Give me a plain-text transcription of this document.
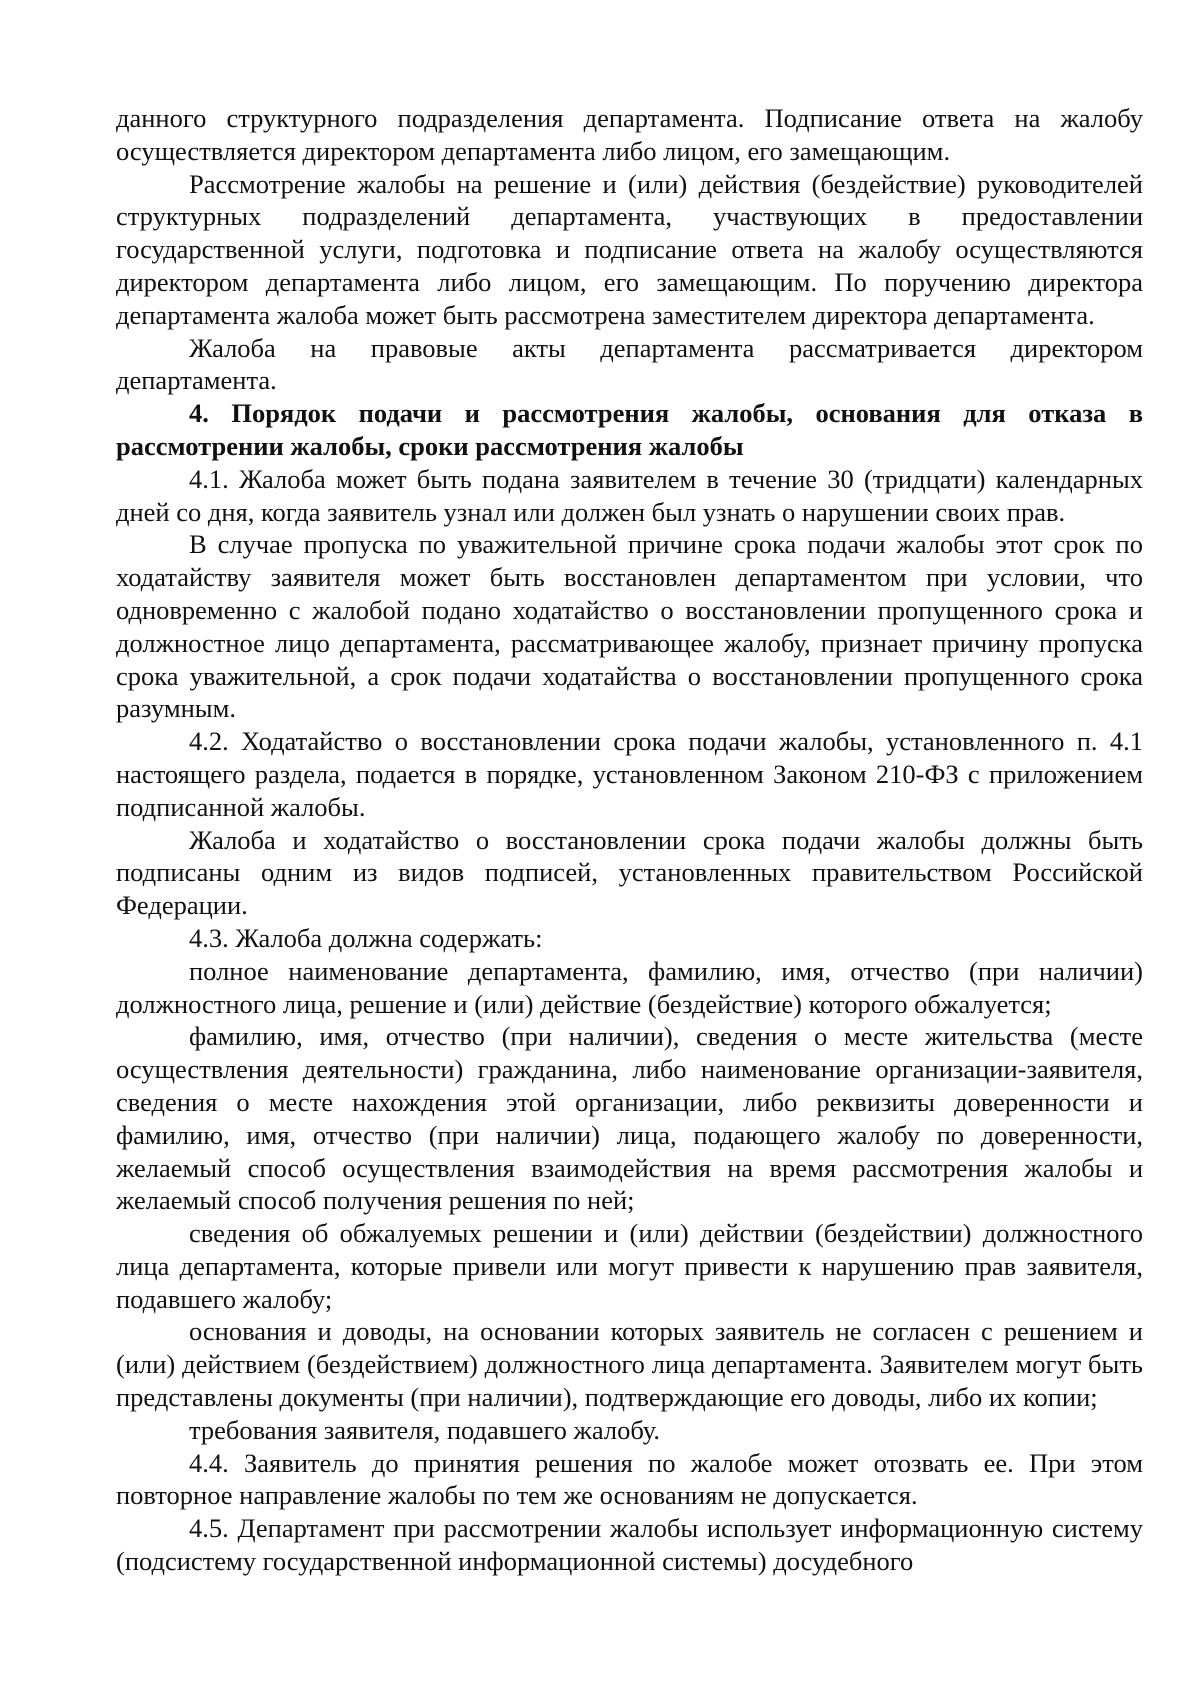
данного структурного подразделения департамента. Подписание ответа на жалобу осуществляется директором департамента либо лицом, его замещающим.

Рассмотрение жалобы на решение и (или) действия (бездействие) руководителей структурных подразделений департамента, участвующих в предоставлении государственной услуги, подготовка и подписание ответа на жалобу осуществляются директором департамента либо лицом, его замещающим. По поручению директора департамента жалоба может быть рассмотрена заместителем директора департамента.

Жалоба на правовые акты департамента рассматривается директором департамента.

4. Порядок подачи и рассмотрения жалобы, основания для отказа в рассмотрении жалобы, сроки рассмотрения жалобы

4.1. Жалоба может быть подана заявителем в течение 30 (тридцати) календарных дней со дня, когда заявитель узнал или должен был узнать о нарушении своих прав.

В случае пропуска по уважительной причине срока подачи жалобы этот срок по ходатайству заявителя может быть восстановлен департаментом при условии, что одновременно с жалобой подано ходатайство о восстановлении пропущенного срока и должностное лицо департамента, рассматривающее жалобу, признает причину пропуска срока уважительной, а срок подачи ходатайства о восстановлении пропущенного срока разумным.

4.2. Ходатайство о восстановлении срока подачи жалобы, установленного п. 4.1 настоящего раздела, подается в порядке, установленном Законом 210-ФЗ с приложением подписанной жалобы.

Жалоба и ходатайство о восстановлении срока подачи жалобы должны быть подписаны одним из видов подписей, установленных правительством Российской Федерации.

4.3. Жалоба должна содержать:

полное наименование департамента, фамилию, имя, отчество (при наличии) должностного лица, решение и (или) действие (бездействие) которого обжалуется;

фамилию, имя, отчество (при наличии), сведения о месте жительства (месте осуществления деятельности) гражданина, либо наименование организации-заявителя, сведения о месте нахождения этой организации, либо реквизиты доверенности и фамилию, имя, отчество (при наличии) лица, подающего жалобу по доверенности, желаемый способ осуществления взаимодействия на время рассмотрения жалобы и желаемый способ получения решения по ней;

сведения об обжалуемых решении и (или) действии (бездействии) должностного лица департамента, которые привели или могут привести к нарушению прав заявителя, подавшего жалобу;

основания и доводы, на основании которых заявитель не согласен с решением и (или) действием (бездействием) должностного лица департамента. Заявителем могут быть представлены документы (при наличии), подтверждающие его доводы, либо их копии;

требования заявителя, подавшего жалобу.

4.4. Заявитель до принятия решения по жалобе может отозвать ее. При этом повторное направление жалобы по тем же основаниям не допускается.

4.5. Департамент при рассмотрении жалобы использует информационную систему (подсистему государственной информационной системы) досудебного
